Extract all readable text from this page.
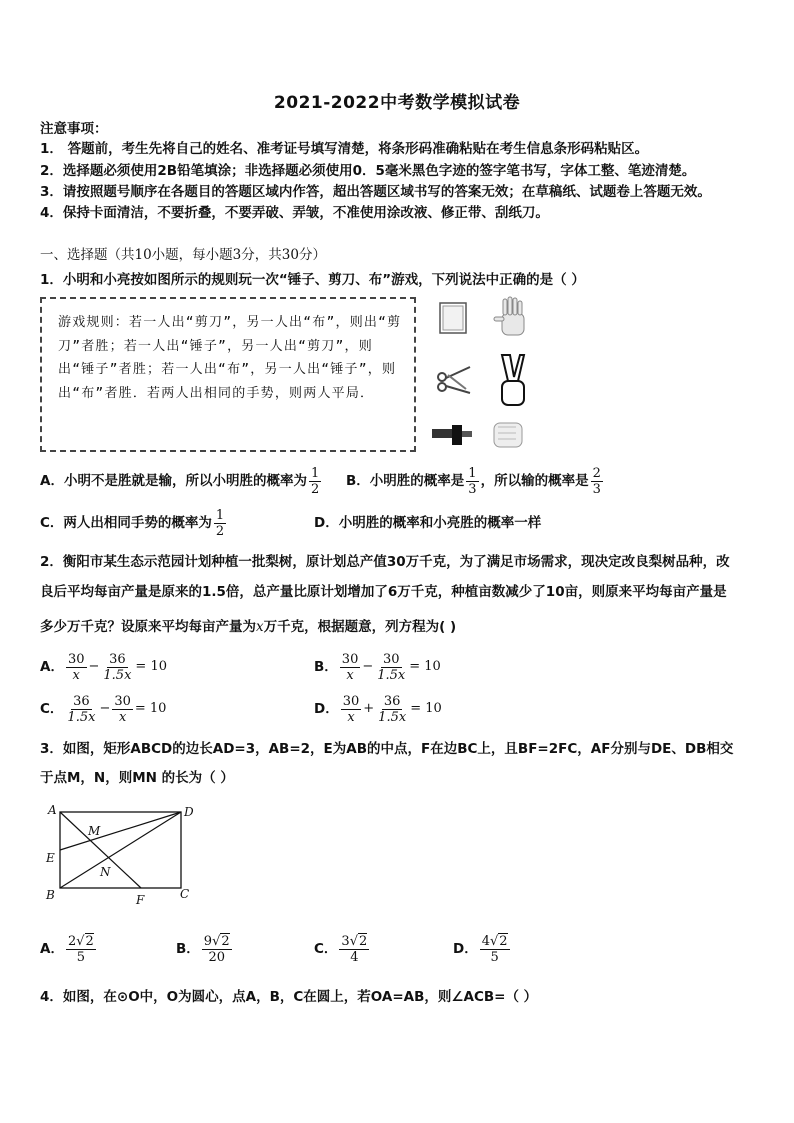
2021-2022中考数学模拟试卷
注意事项：
1． 答题前，考生先将自己的姓名、准考证号填写清楚，将条形码准确粘贴在考生信息条形码粘贴区。
2．选择题必须使用2B铅笔填涂；非选择题必须使用0．5毫米黑色字迹的签字笔书写，字体工整、笔迹清楚。
3．请按照题号顺序在各题目的答题区域内作答，超出答题区域书写的答案无效；在草稿纸、试题卷上答题无效。
4．保持卡面清洁，不要折叠，不要弄破、弄皱，不准使用涂改液、修正带、刮纸刀。
一、选择题（共10小题，每小题3分，共30分）
1．小明和小亮按如图所示的规则玩一次“锤子、剪刀、布”游戏，下列说法中正确的是（ ）
游戏规则：若一人出“剪刀”，另一人出“布”，则出“剪刀”者胜；若一人出“锤子”，另一人出“剪刀”，则出“锤子”者胜；若一人出“布”，另一人出“锤子”，则出“布”者胜．若两人出相同的手势，则两人平局．
A．小明不是胜就是输，所以小明胜的概率为 $\frac{1}{2}$ B．小明胜的概率是 $\frac{1}{3}$ ，所以输的概率是 $\frac{2}{3}$
C．两人出相同手势的概率为 $\frac{1}{2}$	D．小明胜的概率和小亮胜的概率一样
2．衡阳市某生态示范园计划种植一批梨树，原计划总产值30万千克，为了满足市场需求，现决定改良梨树品种，改
良后平均每亩产量是原来的1.5倍，总产量比原计划增加了6万千克，种植亩数减少了10亩，则原来平均每亩产量是
多少万千克？设原来平均每亩产量为x万千克，根据题意，列方程为( )
A． $\frac{30}{x} - \frac{36}{1.5x} = 10$	B． $\frac{30}{x} - \frac{30}{1.5x} = 10$
C． $\frac{36}{1.5x} - \frac{30}{x} = 10$	D． $\frac{30}{x} + \frac{36}{1.5x} = 10$
3．如图，矩形ABCD的边长AD=3，AB=2，E为AB的中点，F在边BC上，且BF=2FC，AF分别与DE、DB相交
于点M，N，则MN 的长为（ ）
A	D
M
E
N
B	F	C
A． $\frac{2√2}{5}$	B． $\frac{9√2}{20}$	C． $\frac{3√2}{4}$	D． $\frac{4√2}{5}$
4．如图，在⊙O中，O为圆心，点A，B，C在圆上，若OA=AB，则∠ACB=（ ）
